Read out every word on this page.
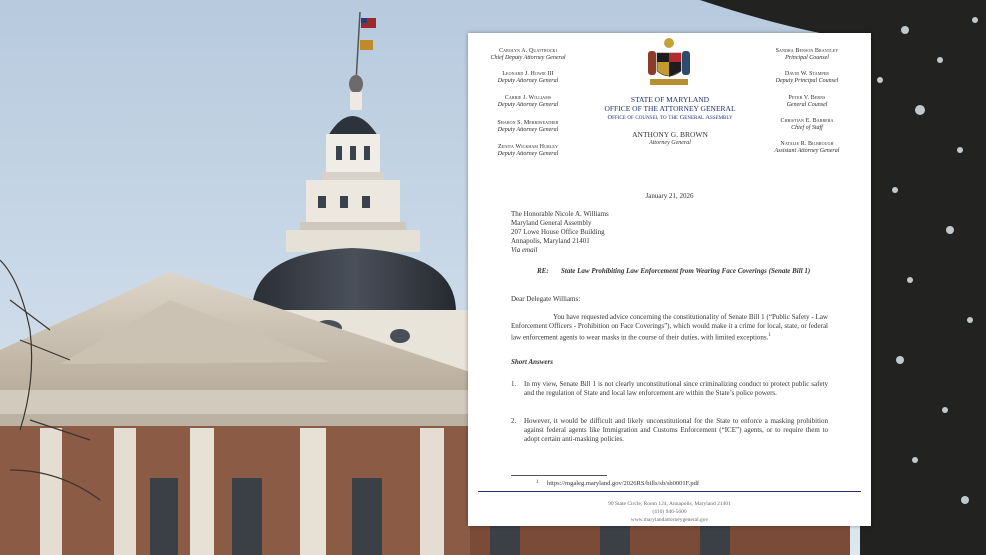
Carolyn A. Quattrocki
Chief Deputy Attorney General
Leonard J. Howie III
Deputy Attorney General
Carrie J. Williams
Deputy Attorney General
Sharon S. Merriweather
Deputy Attorney General
Zenita Wickham Hurley
Deputy Attorney General
Sandra Benson Brantley
Principal Counsel
David W. Stamper
Deputy Principal Counsel
Peter V. Berns
General Counsel
Christian E. Barrera
Chief of Staff
Natalie R. Bilbrough
Assistant Attorney General
STATE OF MARYLAND
OFFICE OF THE ATTORNEY GENERAL
Office of counsel to the General Assembly
ANTHONY G. BROWN
Attorney General
January 21, 2026
The Honorable Nicole A. Williams
Maryland General Assembly
207 Lowe House Office Building
Annapolis, Maryland 21401
Via email
RE: State Law Prohibiting Law Enforcement from Wearing Face Coverings (Senate Bill 1)
Dear Delegate Williams:
You have requested advice concerning the constitutionality of Senate Bill 1 (“Public Safety - Law Enforcement Officers - Prohibition on Face Coverings”), which would make it a crime for local, state, or federal law enforcement agents to wear masks in the course of their duties, with limited exceptions.$^1$
Short Answers
1. In my view, Senate Bill 1 is not clearly unconstitutional since criminalizing conduct to protect public safety and the regulation of State and local law enforcement are within the State’s police powers.
2. However, it would be difficult and likely unconstitutional for the State to enforce a masking prohibition against federal agents like Immigration and Customs Enforcement (“ICE”) agents, or to require them to adopt certain anti-masking policies.
1 https://mgaleg.maryland.gov/2026RS/bills/sb/sb0001F.pdf
90 State Circle, Room 124, Annapolis, Maryland 21401
(410) 946-5600
www.marylandattorneygeneral.gov
